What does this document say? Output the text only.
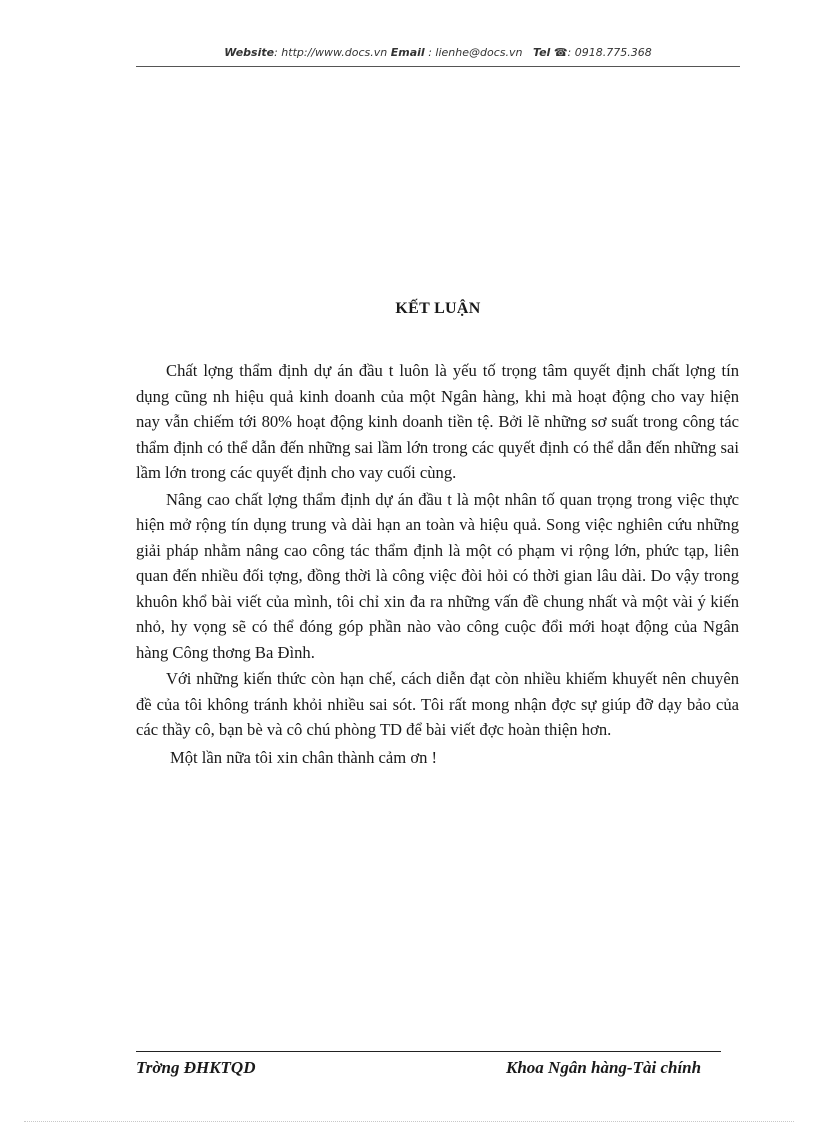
Website: http://www.docs.vn Email : lienhe@docs.vn Tel ☎: 0918.775.368
KẾT LUẬN

Chất lợng thẩm định dự án đầu t luôn là yếu tố trọng tâm quyết định chất lợng tín dụng cũng nh hiệu quả kinh doanh của một Ngân hàng, khi mà hoạt động cho vay hiện nay vẫn chiếm tới 80% hoạt động kinh doanh tiền tệ. Bởi lẽ những sơ suất trong công tác thẩm định có thể dẫn đến những sai lầm lớn trong các quyết định có thể dẫn đến những sai lầm lớn trong các quyết định cho vay cuối cùng.

Nâng cao chất lợng thẩm định dự án đầu t là một nhân tố quan trọng trong việc thực hiện mở rộng tín dụng trung và dài hạn an toàn và hiệu quả. Song việc nghiên cứu những giải pháp nhằm nâng cao công tác thẩm định là một có phạm vi rộng lớn, phức tạp, liên quan đến nhiều đối tợng, đồng thời là công việc đòi hỏi có thời gian lâu dài. Do vậy trong khuôn khổ bài viết của mình, tôi chỉ xin đa ra những vấn đề chung nhất và một vài ý kiến nhỏ, hy vọng sẽ có thể đóng góp phần nào vào công cuộc đổi mới hoạt động của Ngân hàng Công thơng Ba Đình.

Với những kiến thức còn hạn chế, cách diễn đạt còn nhiều khiếm khuyết nên chuyên đề của tôi không tránh khỏi nhiều sai sót. Tôi rất mong nhận đợc sự giúp đỡ dạy bảo của các thầy cô, bạn bè và cô chú phòng TD để bài viết đợc hoàn thiện hơn.

Một lần nữa tôi xin chân thành cảm ơn !

Trờng ĐHKTQD	Khoa Ngân hàng-Tài chính
